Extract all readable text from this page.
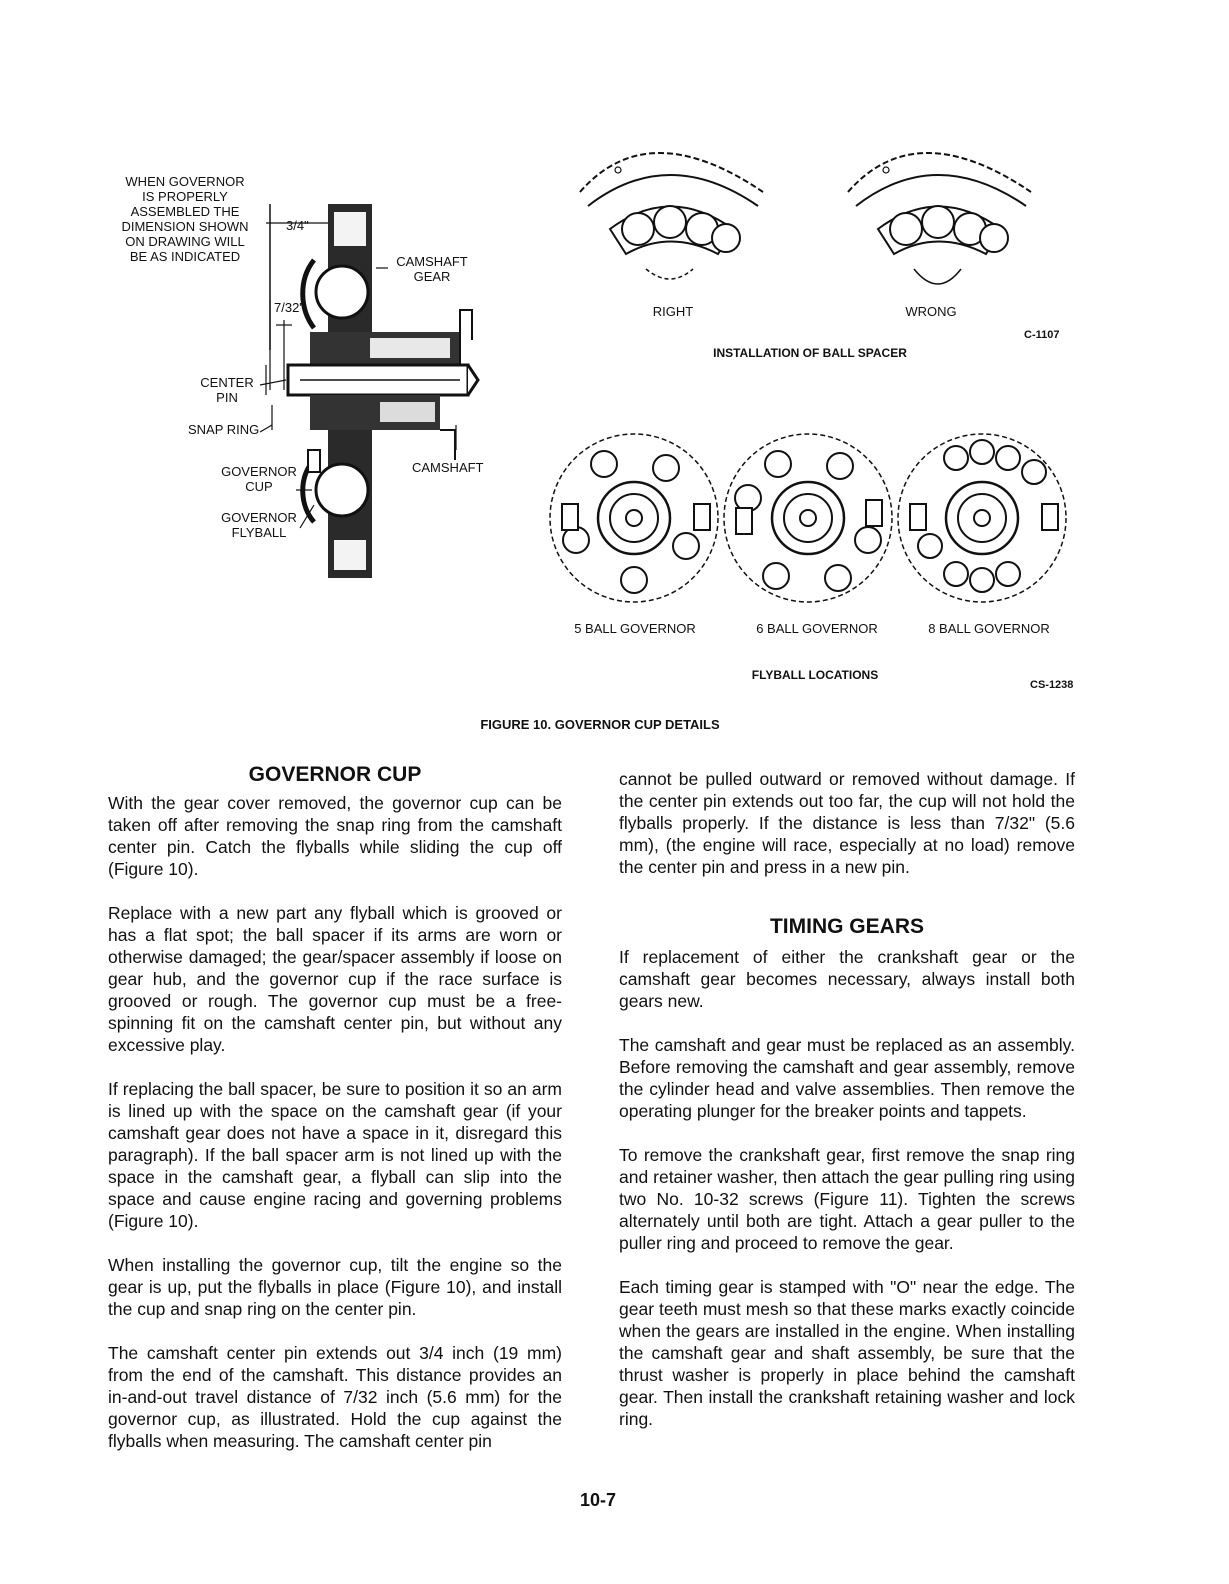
WHEN GOVERNOR
IS PROPERLY
ASSEMBLED THE
DIMENSION SHOWN
ON DRAWING WILL
BE AS INDICATED
3/4"
7/32"
CAMSHAFT
GEAR
CENTER
PIN
SNAP RING
CAMSHAFT
GOVERNOR
CUP
GOVERNOR
FLYBALL
RIGHT	WRONG
C-1107
INSTALLATION OF BALL SPACER
5 BALL GOVERNOR	6 BALL GOVERNOR	8 BALL GOVERNOR
FLYBALL LOCATIONS
CS-1238
FIGURE 10. GOVERNOR CUP DETAILS
GOVERNOR CUP

With the gear cover removed, the governor cup can be taken off after removing the snap ring from the camshaft center pin. Catch the flyballs while sliding the cup off (Figure 10).

Replace with a new part any flyball which is grooved or has a flat spot; the ball spacer if its arms are worn or otherwise damaged; the gear/spacer assembly if loose on gear hub, and the governor cup if the race surface is grooved or rough. The governor cup must be a free-spinning fit on the camshaft center pin, but without any excessive play.

If replacing the ball spacer, be sure to position it so an arm is lined up with the space on the camshaft gear (if your camshaft gear does not have a space in it, disregard this paragraph). If the ball spacer arm is not lined up with the space in the camshaft gear, a flyball can slip into the space and cause engine racing and governing problems (Figure 10).

When installing the governor cup, tilt the engine so the gear is up, put the flyballs in place (Figure 10), and install the cup and snap ring on the center pin.

The camshaft center pin extends out 3/4 inch (19 mm) from the end of the camshaft. This distance provides an in-and-out travel distance of 7/32 inch (5.6 mm) for the governor cup, as illustrated. Hold the cup against the flyballs when measuring. The camshaft center pin

cannot be pulled outward or removed without damage. If the center pin extends out too far, the cup will not hold the flyballs properly. If the distance is less than 7/32" (5.6 mm), (the engine will race, especially at no load) remove the center pin and press in a new pin.

TIMING GEARS

If replacement of either the crankshaft gear or the camshaft gear becomes necessary, always install both gears new.

The camshaft and gear must be replaced as an assembly. Before removing the camshaft and gear assembly, remove the cylinder head and valve assemblies. Then remove the operating plunger for the breaker points and tappets.

To remove the crankshaft gear, first remove the snap ring and retainer washer, then attach the gear pulling ring using two No. 10-32 screws (Figure 11). Tighten the screws alternately until both are tight. Attach a gear puller to the puller ring and proceed to remove the gear.

Each timing gear is stamped with "O" near the edge. The gear teeth must mesh so that these marks exactly coincide when the gears are installed in the engine. When installing the camshaft gear and shaft assembly, be sure that the thrust washer is properly in place behind the camshaft gear. Then install the crankshaft retaining washer and lock ring.

10-7
